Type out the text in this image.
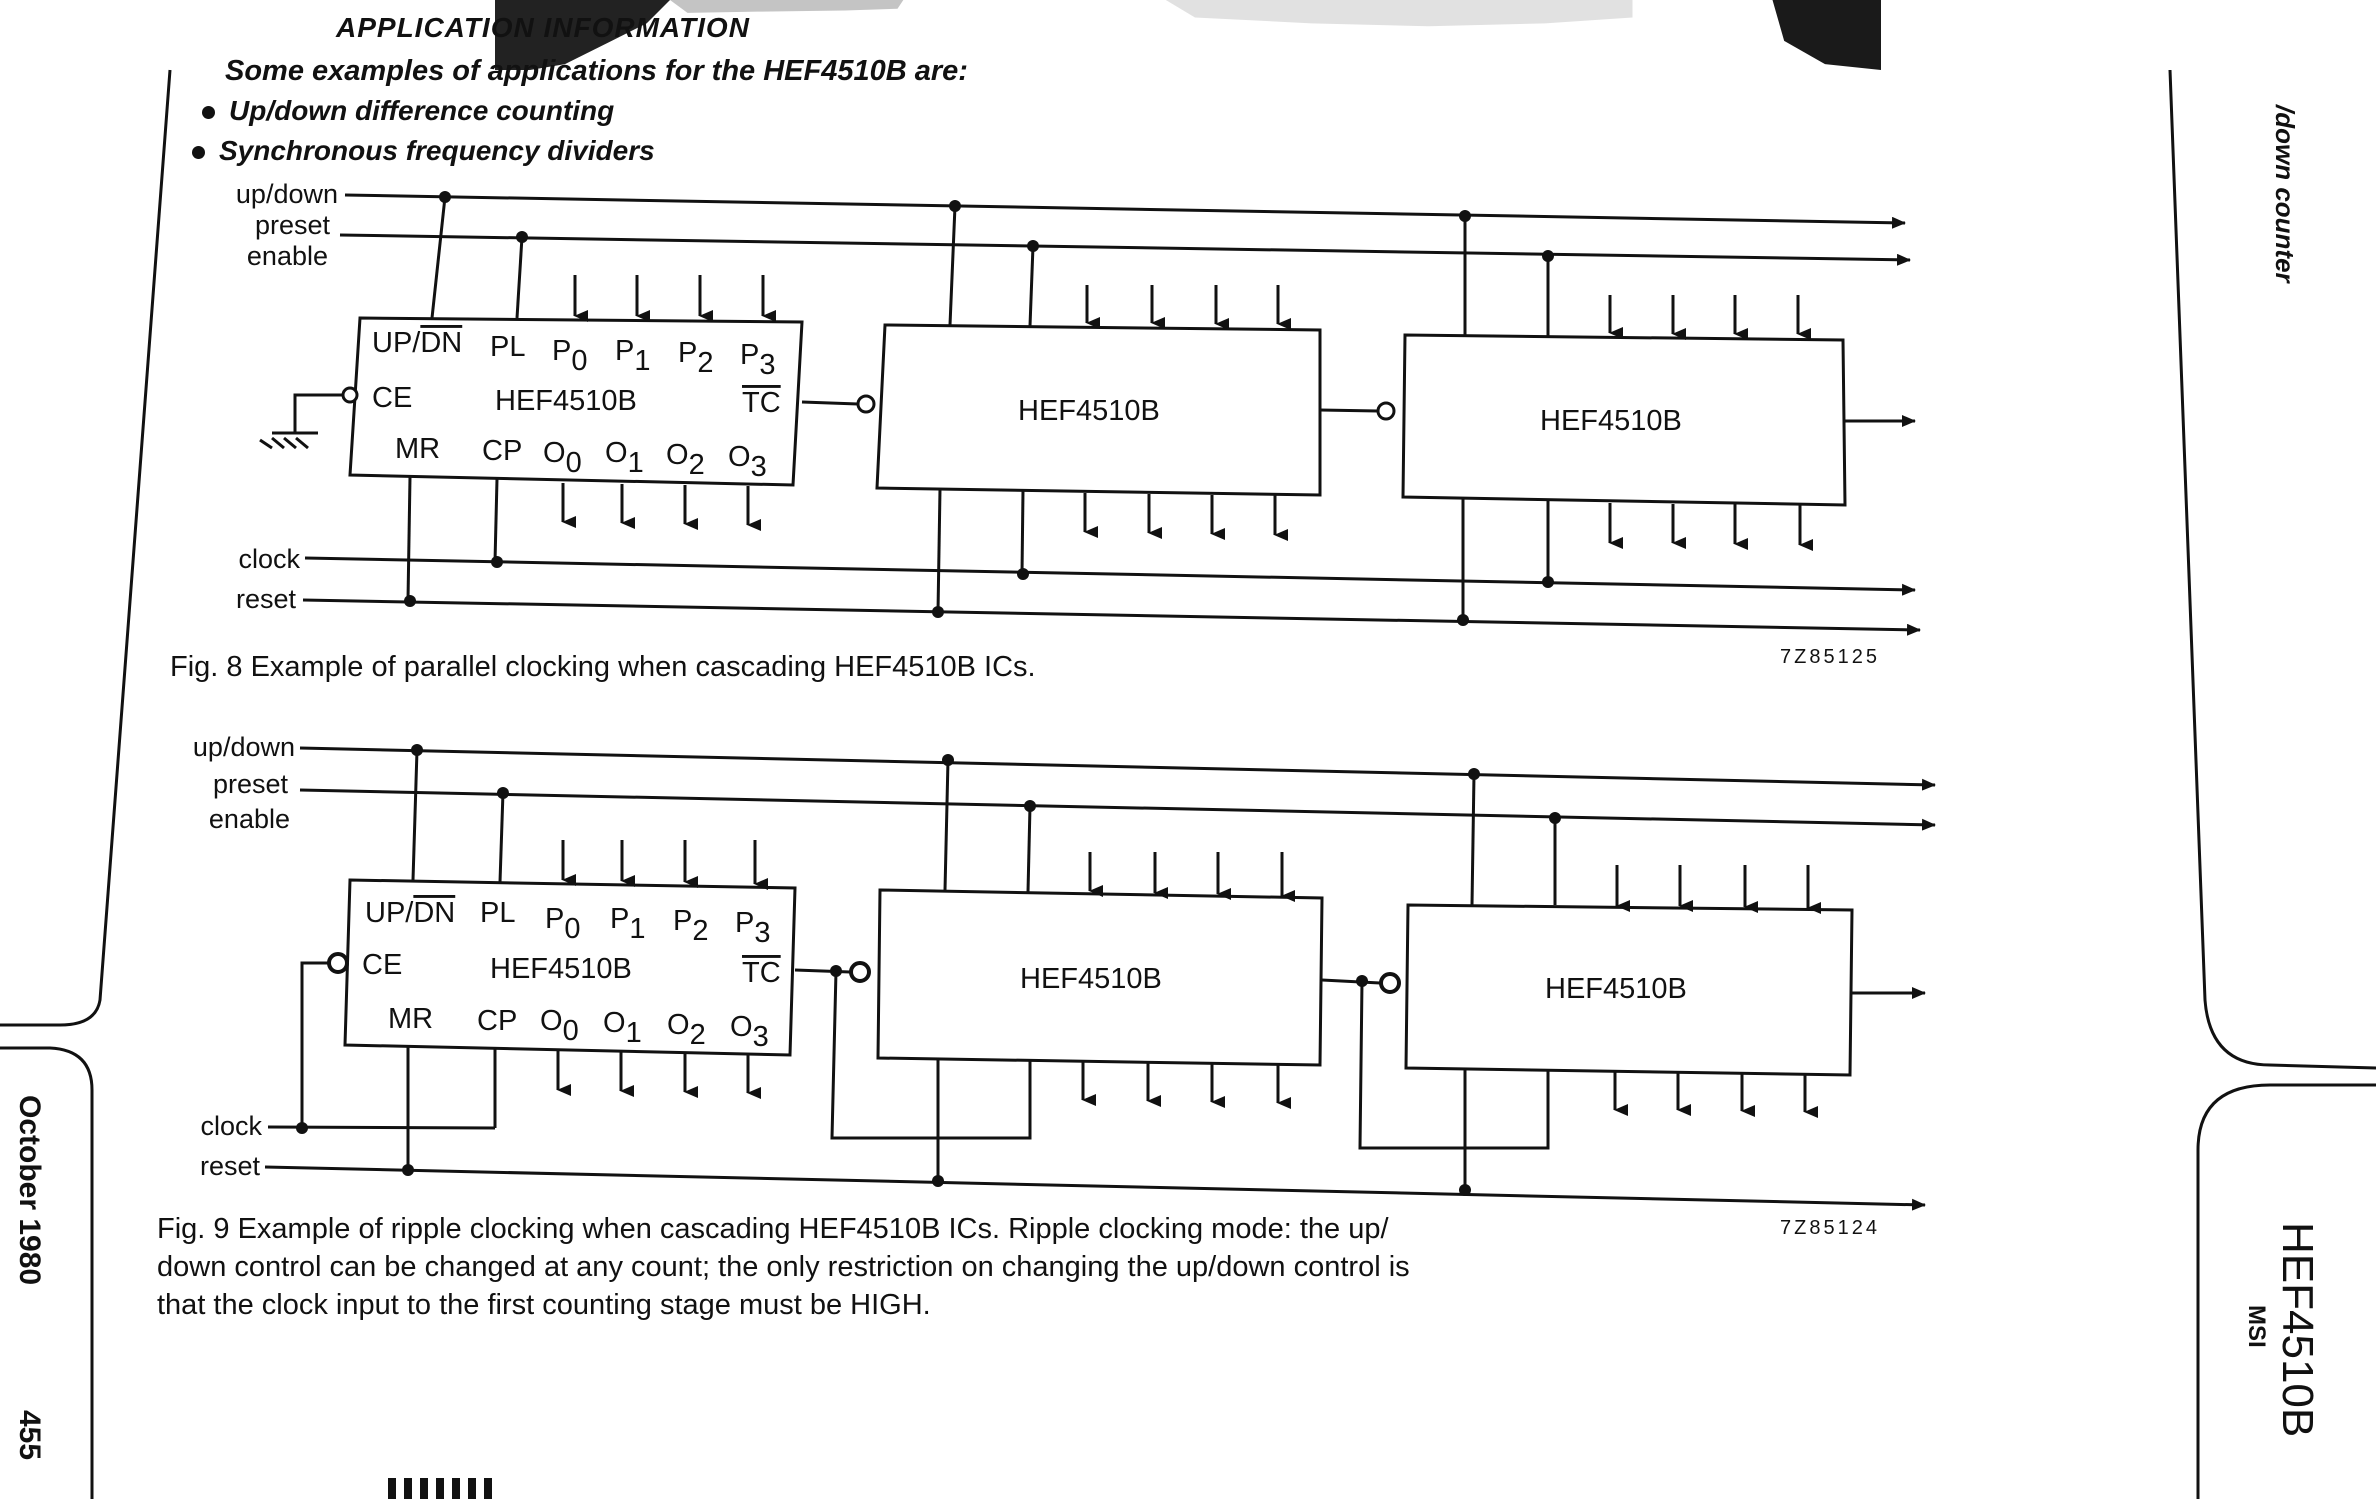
APPLICATION INFORMATION
Some examples of applications for the HEF4510B are:
Up/down difference counting
Synchronous frequency dividers
UP/DN PL P0 P1 P2 P3
CE	HEF4510B	TC
MR CP O0 O1 O2 O3
HEF4510B	HEF4510B
up/down
preset
enable
clock
reset
Fig. 8 Example of parallel clocking when cascading HEF4510B ICs.	7Z85125
UP/DN PL P0 P1 P2 P3
CE	HEF4510B	TC
MR CP O0 O1 O2 O3
HEF4510B	HEF4510B
up/down
preset
enable
clock
reset
Fig. 9 Example of ripple clocking when cascading HEF4510B ICs. Ripple clocking mode: the up/
down control can be changed at any count; the only restriction on changing the up/down control is
that the clock input to the first counting stage must be HIGH.
7Z85124
/down counter
HEF4510B
MSI
October 1980
455
